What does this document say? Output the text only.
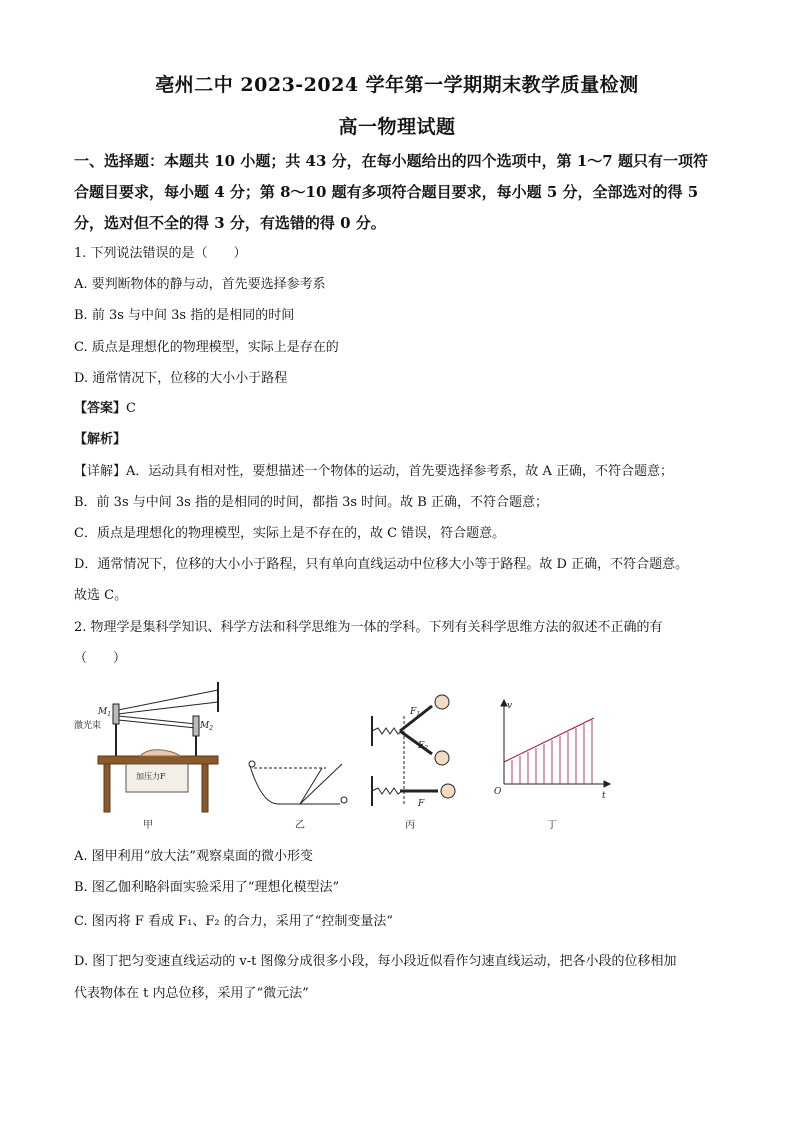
亳州二中 2023-2024 学年第一学期期末教学质量检测
高一物理试题
一、选择题：本题共 10 小题；共 43 分，在每小题给出的四个选项中，第 1～7 题只有一项符
合题目要求，每小题 4 分；第 8～10 题有多项符合题目要求，每小题 5 分，全部选对的得 5
分，选对但不全的得 3 分，有选错的得 0 分。
1. 下列说法错误的是（　　）
A. 要判断物体的静与动，首先要选择参考系
B. 前 3s 与中间 3s 指的是相同的时间
C. 质点是理想化的物理模型，实际上是存在的
D. 通常情况下，位移的大小小于路程
【答案】C
【解析】
【详解】A．运动具有相对性，要想描述一个物体的运动，首先要选择参考系，故 A 正确，不符合题意；
B．前 3s 与中间 3s 指的是相同的时间，都指 3s 时间。故 B 正确，不符合题意；
C．质点是理想化的物理模型，实际上是不存在的，故 C 错误，符合题意。
D．通常情况下，位移的大小小于路程，只有单向直线运动中位移大小等于路程。故 D 正确，不符合题意。
故选 C。
2. 物理学是集科学知识、科学方法和科学思维为一体的学科。下列有关科学思维方法的叙述不正确的有
（　　）
激光束
$M_1$
$M_2$
加压力F
$F_1$
$F_2$
F
v
t
O
甲	乙	丙	丁
A. 图甲利用“放大法”观察桌面的微小形变
B. 图乙伽利略斜面实验采用了“理想化模型法”
C. 图丙将 F 看成 F₁、F₂ 的合力，采用了“控制变量法”
D. 图丁把匀变速直线运动的 v-t 图像分成很多小段，每小段近似看作匀速直线运动，把各小段的位移相加
代表物体在 t 内总位移，采用了“微元法”
